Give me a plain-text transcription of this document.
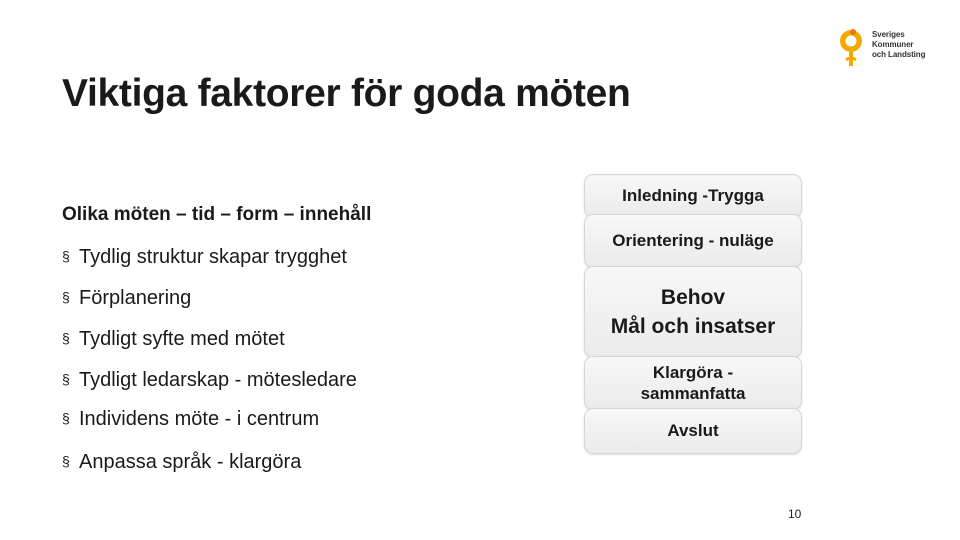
Sveriges
Kommuner
och Landsting
Viktiga faktorer för goda möten
Olika möten – tid – form – innehåll
§ Tydlig struktur skapar trygghet
§ Förplanering
§ Tydligt syfte med mötet
§ Tydligt ledarskap - mötesledare
§ Individens möte - i centrum
§ Anpassa språk - klargöra
Inledning -Trygga
Orientering - nuläge
Behov
Mål och insatser
Klargöra -
sammanfatta
Avslut
10
